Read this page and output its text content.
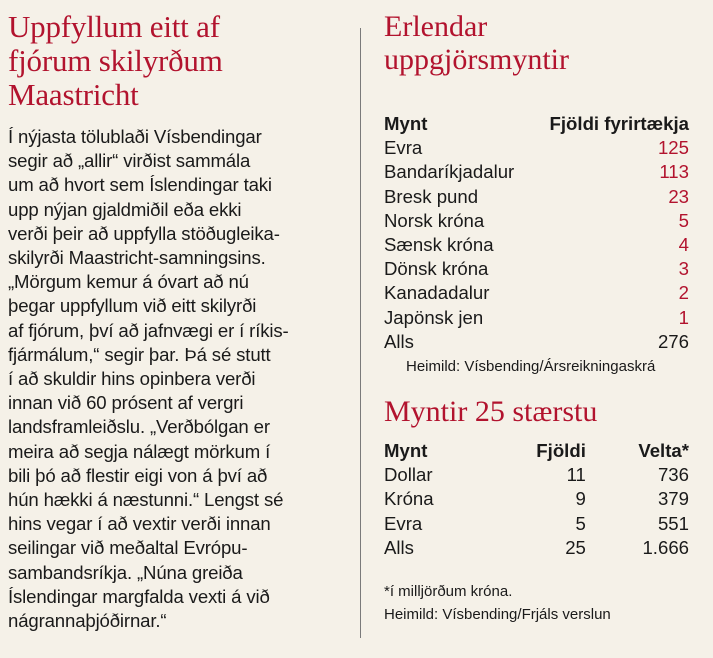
Uppfyllum eitt af
fjórum skilyrðum
Maastricht

Í nýjasta tölublaði Vísbendingar
segir að „allir“ virðist sammála
um að hvort sem Íslendingar taki
upp nýjan gjaldmiðil eða ekki
verði þeir að uppfylla stöðugleika-
skilyrði Maastricht-samningsins.
„Mörgum kemur á óvart að nú
þegar uppfyllum við eitt skilyrði
af fjórum, því að jafnvægi er í ríkis-
fjármálum,“ segir þar. Þá sé stutt
í að skuldir hins opinbera verði
innan við 60 prósent af vergri
landsframleiðslu. „Verðbólgan er
meira að segja nálægt mörkum í
bili þó að flestir eigi von á því að
hún hækki á næstunni.“ Lengst sé
hins vegar í að vextir verði innan
seilingar við meðaltal Evrópu-
sambandsríkja. „Núna greiða
Íslendingar margfalda vexti á við
nágrannaþjóðirnar.“

Erlendar
uppgjörsmyntir
Mynt	Fjöldi fyrirtækja
Evra	125
Bandaríkjadalur	113
Bresk pund	23
Norsk króna	5
Sænsk króna	4
Dönsk króna	3
Kanadadalur	2
Japönsk jen	1
Alls	276

Heimild: Vísbending/Ársreikningaskrá

Myntir 25 stærstu
Mynt	Fjöldi	Velta*
Dollar	11	736
Króna	9	379
Evra	5	551
Alls	25	1.666

*í milljörðum króna.

Heimild: Vísbending/Frjáls verslun
